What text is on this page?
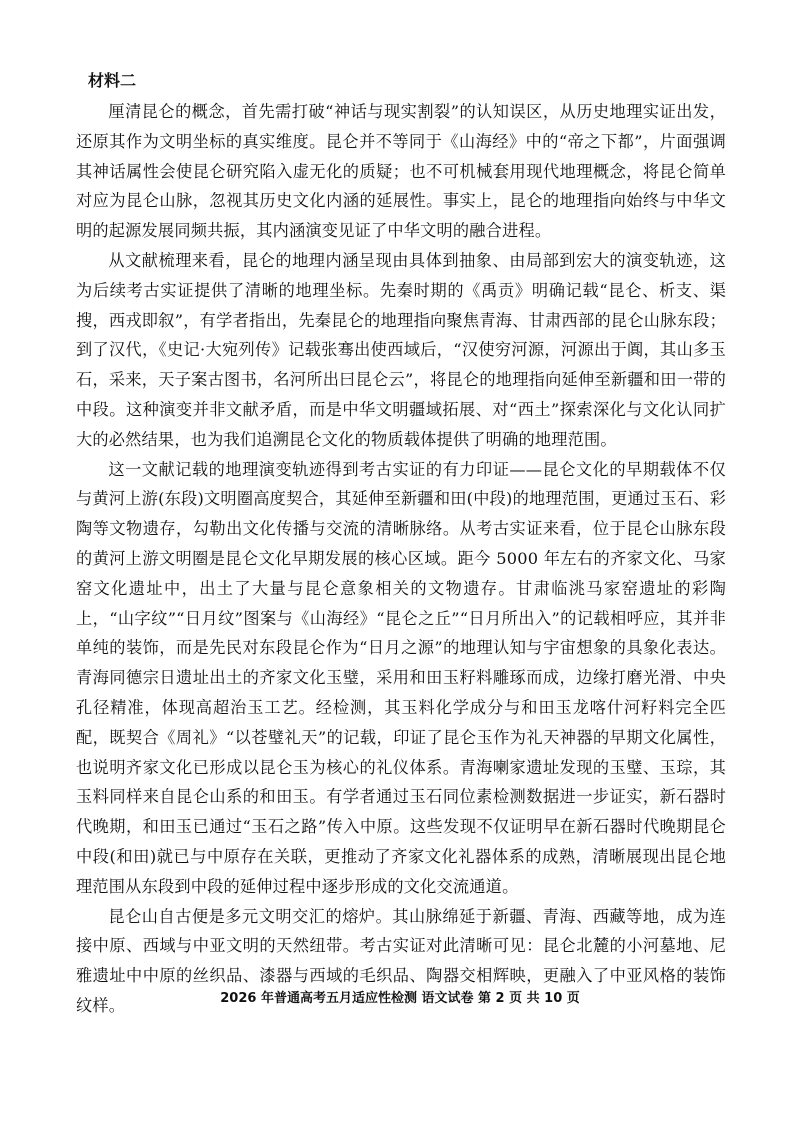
材料二

厘清昆仑的概念，首先需打破“神话与现实割裂”的认知误区，从历史地理实证出发，还原其作为文明坐标的真实维度。昆仑并不等同于《山海经》中的“帝之下都”，片面强调其神话属性会使昆仑研究陷入虚无化的质疑；也不可机械套用现代地理概念，将昆仑简单对应为昆仑山脉，忽视其历史文化内涵的延展性。事实上，昆仑的地理指向始终与中华文明的起源发展同频共振，其内涵演变见证了中华文明的融合进程。

从文献梳理来看，昆仑的地理内涵呈现由具体到抽象、由局部到宏大的演变轨迹，这为后续考古实证提供了清晰的地理坐标。先秦时期的《禹贡》明确记载“昆仑、析支、渠搜，西戎即叙”，有学者指出，先秦昆仑的地理指向聚焦青海、甘肃西部的昆仑山脉东段；到了汉代，《史记·大宛列传》记载张骞出使西域后，“汉使穷河源，河源出于阗，其山多玉石，采来，天子案古图书，名河所出曰昆仑云”，将昆仑的地理指向延伸至新疆和田一带的中段。这种演变并非文献矛盾，而是中华文明疆域拓展、对“西土”探索深化与文化认同扩大的必然结果，也为我们追溯昆仑文化的物质载体提供了明确的地理范围。

这一文献记载的地理演变轨迹得到考古实证的有力印证——昆仑文化的早期载体不仅与黄河上游(东段)文明圈高度契合，其延伸至新疆和田(中段)的地理范围，更通过玉石、彩陶等文物遗存，勾勒出文化传播与交流的清晰脉络。从考古实证来看，位于昆仑山脉东段的黄河上游文明圈是昆仑文化早期发展的核心区域。距今 5000 年左右的齐家文化、马家窑文化遗址中，出土了大量与昆仑意象相关的文物遗存。甘肃临洮马家窑遗址的彩陶上，“山字纹”“日月纹”图案与《山海经》“昆仑之丘”“日月所出入”的记载相呼应，其并非单纯的装饰，而是先民对东段昆仑作为“日月之源”的地理认知与宇宙想象的具象化表达。青海同德宗日遗址出土的齐家文化玉璧，采用和田玉籽料雕琢而成，边缘打磨光滑、中央孔径精准，体现高超治玉工艺。经检测，其玉料化学成分与和田玉龙喀什河籽料完全匹配，既契合《周礼》“以苍璧礼天”的记载，印证了昆仑玉作为礼天神器的早期文化属性，也说明齐家文化已形成以昆仑玉为核心的礼仪体系。青海喇家遗址发现的玉璧、玉琮，其玉料同样来自昆仑山系的和田玉。有学者通过玉石同位素检测数据进一步证实，新石器时代晚期，和田玉已通过“玉石之路”传入中原。这些发现不仅证明早在新石器时代晚期昆仑中段(和田)就已与中原存在关联，更推动了齐家文化礼器体系的成熟，清晰展现出昆仑地理范围从东段到中段的延伸过程中逐步形成的文化交流通道。

昆仑山自古便是多元文明交汇的熔炉。其山脉绵延于新疆、青海、西藏等地，成为连接中原、西域与中亚文明的天然纽带。考古实证对此清晰可见：昆仑北麓的小河墓地、尼雅遗址中中原的丝织品、漆器与西域的毛织品、陶器交相辉映，更融入了中亚风格的装饰纹样。	2026 年普通高考五月适应性检测 语文试卷 第 2 页 共 10 页
